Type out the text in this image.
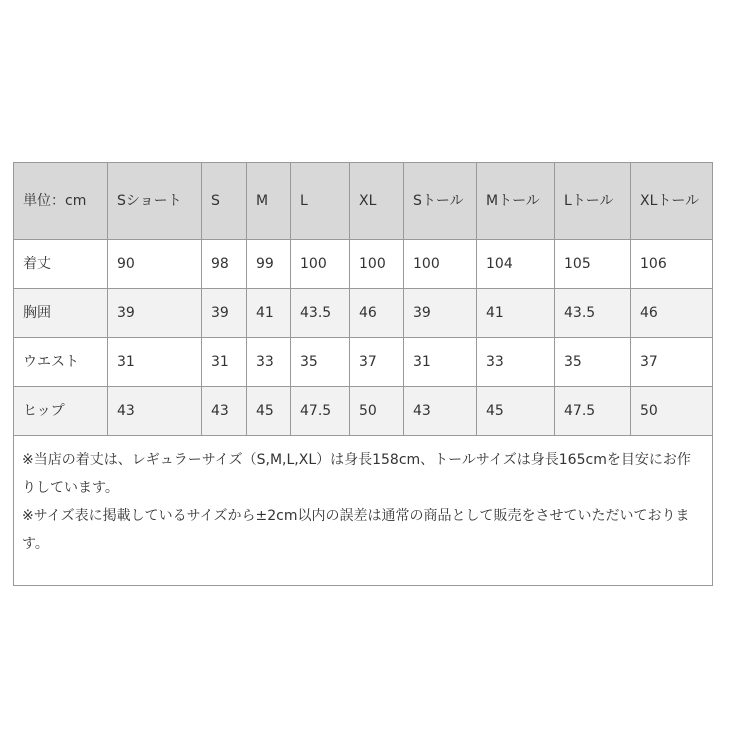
単位：cm	Sショート	S	M	L	XL	Sトール	Mトール	Lトール	XLトール
着丈	90	98	99	100	100	100	104	105	106
胸囲	39	39	41	43.5	46	39	41	43.5	46
ウエスト	31	31	33	35	37	31	33	35	37
ヒップ	43	43	45	47.5	50	43	45	47.5	50

※当店の着丈は、レギュラーサイズ（S,M,L,XL）は身長158cm、トールサイズは身長165cmを目安にお作りしています。
※サイズ表に掲載しているサイズから±2cm以内の誤差は通常の商品として販売をさせていただいております。									
